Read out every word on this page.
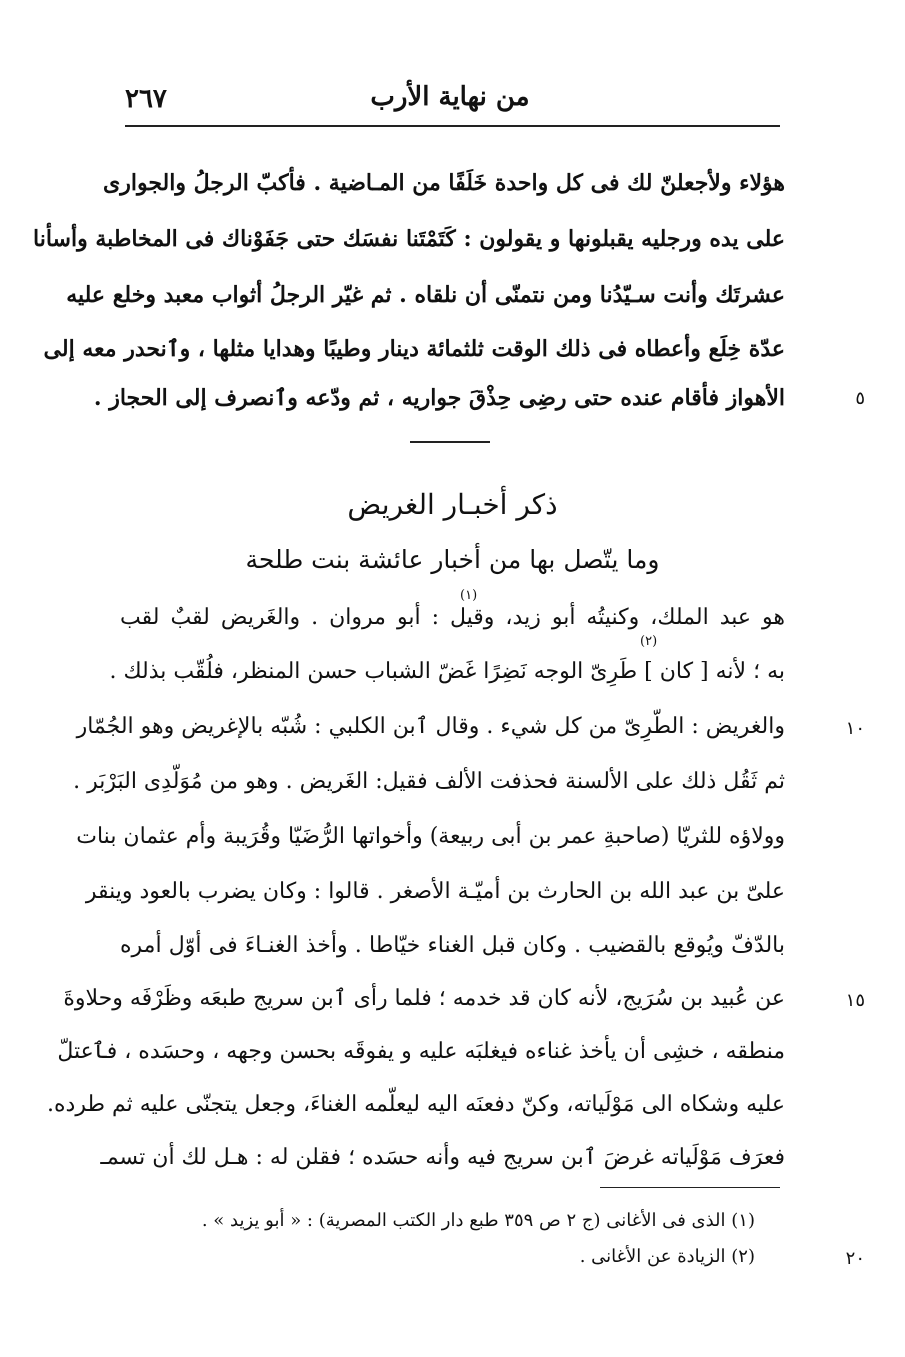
٢٦٧	من نهاية الأرب
هؤلاء ولأجعلنّ لك فى كل واحدة خَلَفًا من المـاضية . فأكبّ الرجلُ والجوارى
على يده ورجليه يقبلونها و يقولون : كَتَمْتَنا نفسَك حتى جَفَوْناك فى المخاطبة وأسأنا
عشرتَك وأنت سـيّدُنا ومن نتمنّى أن نلقاه . ثم غيّر الرجلُ أثواب معبد وخلع عليه
عدّة خِلَع وأعطاه فى ذلك الوقت ثلثمائة دينار وطيبًا وهدايا مثلها ، وٱنحدر معه إلى
الأهواز فأقام عنده حتى رضِى حِذْقَ جواريه ، ثم ودّعه وٱنصرف إلى الحجاز .	٥
ذكر أخبـار الغريض
وما يتّصل بها من أخبار عائشة بنت طلحة
(١)
(٢)
هو عبد الملك، وكنيتُه أبو زيد، وقيل : أبو مروان . والغَريض لقبٌ لقب
به ؛ لأنه [ كان ] طَرِىّ الوجه نَضِرًا غَضّ الشباب حسن المنظر، فلُقّب بذلك .
والغريض : الطّرِىّ من كل شيء . وقال ٱبن الكلبي : شُبّه بالإغريض وهو الجُمّار
ثم ثَقُل ذلك على الألسنة فحذفت الألف فقيل: الغَريض . وهو من مُوَلّدِى البَرْبَر .
وولاؤه للثريّا (صاحبةِ عمر بن أبى ربيعة) وأخواتها الرُّضَيّا وقُرَيبة وأم عثمان بنات
علىّ بن عبد الله بن الحارث بن أميّـة الأصغر . قالوا : وكان يضرب بالعود وينقر
بالدّفّ ويُوقع بالقضيب . وكان قبل الغناء خيّاطا . وأخذ الغنـاءَ فى أوّل أمره
عن عُبيد بن سُرَيج، لأنه كان قد خدمه ؛ فلما رأى ٱبن سريج طبعَه وظَرْفَه وحلاوةَ
منطقه ، خشِى أن يأخذ غناءه فيغلبَه عليه و يفوقَه بحسن وجهه ، وحسَده ، فٱعتلّ
عليه وشكاه الى مَوْلَياته، وكنّ دفعنَه اليه ليعلّمه الغناءَ، وجعل يتجنّى عليه ثم طرده.
فعرَف مَوْلَياته غرضَ ٱبن سريج فيه وأنه حسَده ؛ فقلن له : هـل لك أن تسمـ
١٠
١٥
(١) الذى فى الأغانى (ج ٢ ص ٣٥٩ طبع دار الكتب المصرية) : « أبو يزيد » .
(٢) الزيادة عن الأغانى .	٢٠
